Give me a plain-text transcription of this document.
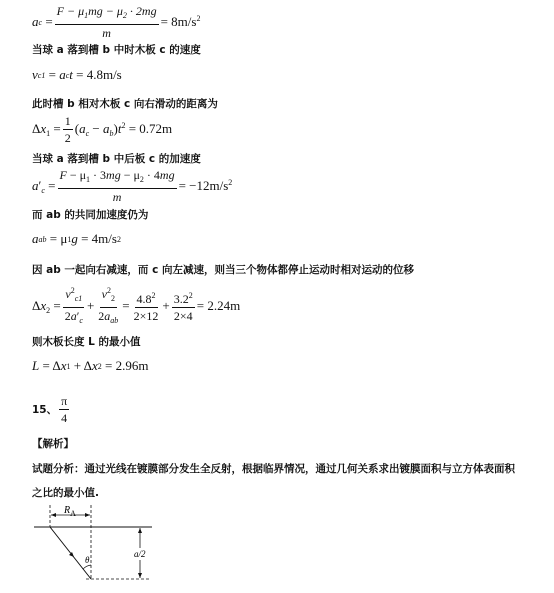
a $c = \frac{F - \mu_1mg - \mu_2 \cdot 2mg}{m} = 8m/s^2$
当球 a 落到槽 b 中时木板 c 的速度
v c1 = a c t = 4.8m/s
此时槽 b 相对木板 c 向右滑动的距离为
$\Delta x_1 = \frac{1}{2} (a_c - a_b)t^2 = 0.72m$
当球 a 落到槽 b 中后板 c 的加速度
$a'_c = \frac{F - \mu_1 \cdot 3mg - \mu_2 \cdot 4mg}{m} = -12m/s^2$
而 ab 的共同加速度仍为
a ab = μ 1 g = 4m/s 2
因 ab 一起向右减速，而 c 向左减速，则当三个物体都停止运动时相对运动的位移
$\Delta x_2 = \frac{v^2_{c1}}{2a'_c} + \frac{v^2_2}{2a_{ab}} = \frac{4.8^2}{2\times 12} + \frac{3.2^2}{2\times 4} = 2.24m$
则木板长度 L 的最小值
L = Δ x 1 + Δ x 2 = 2.96m
15、 $\frac{\pi}{4}$
【解析】
试题分析：通过光线在镀膜部分发生全反射，根据临界情况，通过几何关系求出镀膜面积与立方体表面积
之比的最小值.
$R_A$
θ
a/2
